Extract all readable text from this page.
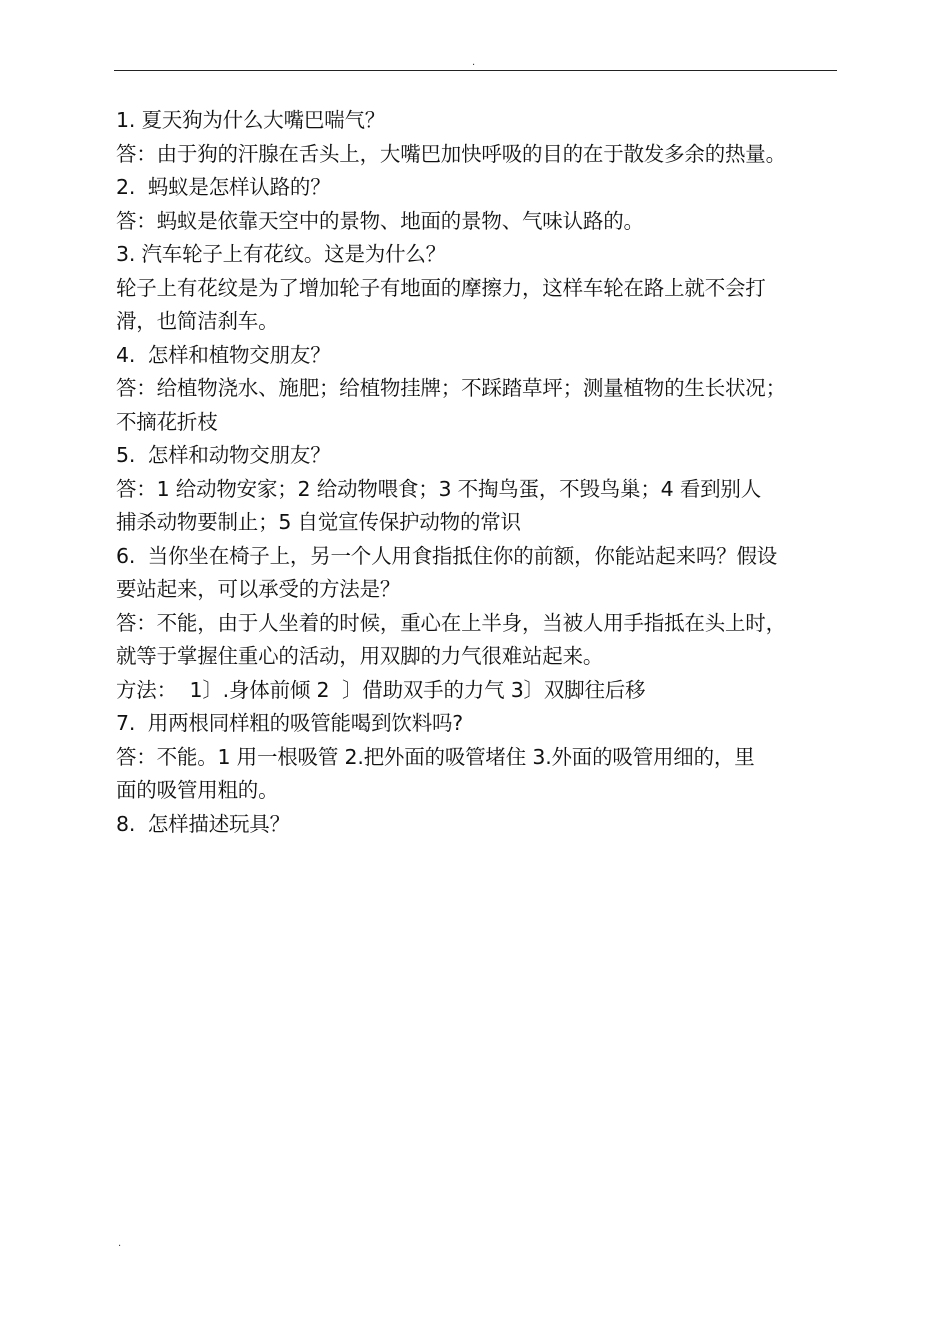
.
1. 夏天狗为什么大嘴巴喘气？
答：由于狗的汗腺在舌头上，大嘴巴加快呼吸的目的在于散发多余的热量。
2.  蚂蚁是怎样认路的？
答：蚂蚁是依靠天空中的景物、地面的景物、气味认路的。
3. 汽车轮子上有花纹。这是为什么？
轮子上有花纹是为了增加轮子有地面的摩擦力，这样车轮在路上就不会打
滑，也简洁刹车。
4.  怎样和植物交朋友？
答：给植物浇水、施肥；给植物挂牌；不踩踏草坪；测量植物的生长状况；
不摘花折枝
5.  怎样和动物交朋友？
答：1 给动物安家；2 给动物喂食；3 不掏鸟蛋，不毁鸟巢；4 看到别人
捕杀动物要制止；5 自觉宣传保护动物的常识
6.  当你坐在椅子上，另一个人用食指抵住你的前额，你能站起来吗？假设
要站起来，可以承受的方法是？
答：不能，由于人坐着的时候，重心在上半身，当被人用手指抵在头上时，
就等于掌握住重心的活动，用双脚的力气很难站起来。
方法：  1〕.身体前倾 2  〕借助双手的力气 3〕双脚往后移
7.  用两根同样粗的吸管能喝到饮料吗?
答：不能。1 用一根吸管 2.把外面的吸管堵住 3.外面的吸管用细的，里
面的吸管用粗的。
8.  怎样描述玩具？
.
